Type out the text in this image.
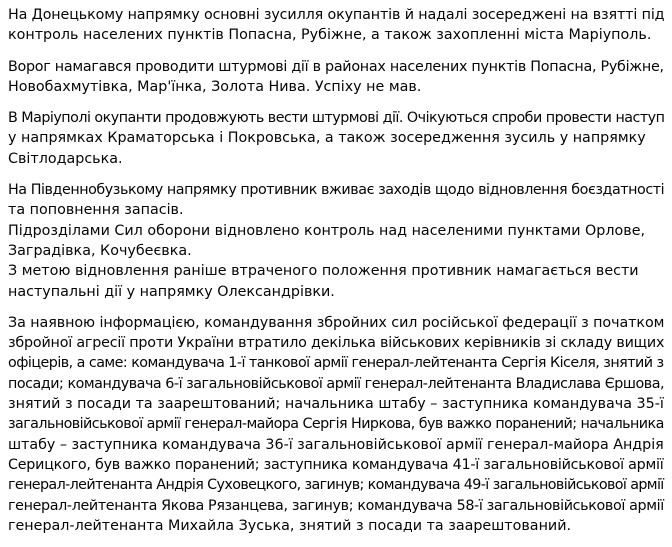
На Донецькому напрямку основні зусилля окупантів й надалі зосереджені на взятті під
контроль населених пунктів Попасна, Рубіжне, а також захопленні міста Маріуполь.

Ворог намагався проводити штурмові дії в районах населених пунктів Попасна, Рубіжне,
Новобахмутівка, Мар'їнка, Золота Нива. Успіху не мав.

В Маріуполі окупанти продовжують вести штурмові дії. Очікуються спроби провести наступ
у напрямках Краматорська і Покровська, а також зосередження зусиль у напрямку
Світлодарська.

На Південнобузькому напрямку противник вживає заходів щодо відновлення боєздатності
та поповнення запасів.
Підрозділами Сил оборони відновлено контроль над населеними пунктами Орлове,
Заградівка, Кочубеєвка.
З метою відновлення раніше втраченого положення противник намагається вести
наступальні дії у напрямку Олександрівки.

За наявною інформацією, командування збройних сил російської федерації з початком
збройної агресії проти України втратило декілька військових керівників зі складу вищих
офіцерів, а саме: командувача 1-ї танкової армії генерал-лейтенанта Сергія Кіселя, знятий з
посади; командувача 6-ї загальновійськової армії генерал-лейтенанта Владислава Єршова,
знятий з посади та заарештований; начальника штабу – заступника командувача 35-ї
загальновійськової армії генерал-майора Сергія Ниркова, був важко поранений; начальника
штабу – заступника командувача 36-ї загальновійськової армії генерал-майора Андрія
Серицкого, був важко поранений; заступника командувача 41-ї загальновійськової армії
генерал-лейтенанта Андрія Суховецкого, загинув; командувача 49-ї загальновійськової армії
генерал-лейтенанта Якова Рязанцева, загинув; командувача 58-ї загальновійськової армії
генерал-лейтенанта Михайла Зуська, знятий з посади та заарештований.
